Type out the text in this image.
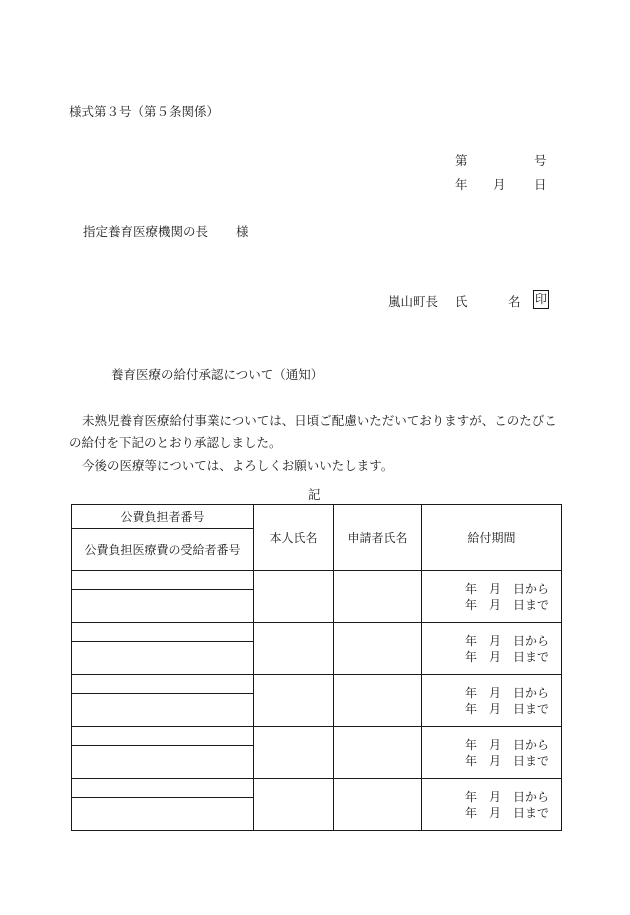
様式第３号（第５条関係）
第	号
年 月 日
指定養育医療機関の長 様
嵐山町長 氏	名 印
養育医療の給付承認について（通知）
未熟児養育医療給付事業については、日頃ご配慮いただいておりますが、このたびこの給付を下記のとおり承認しました。
今後の医療等については、よろしくお願いいたします。
記
公費負担者番号	本人氏名	申請者氏名	給付期間
公費負担医療費の受給者番号			

			年 月 日から
年 月 日まで

			年 月 日から
年 月 日まで

			年 月 日から
年 月 日まで

			年 月 日から
年 月 日まで

			年 月 日から
年 月 日まで
